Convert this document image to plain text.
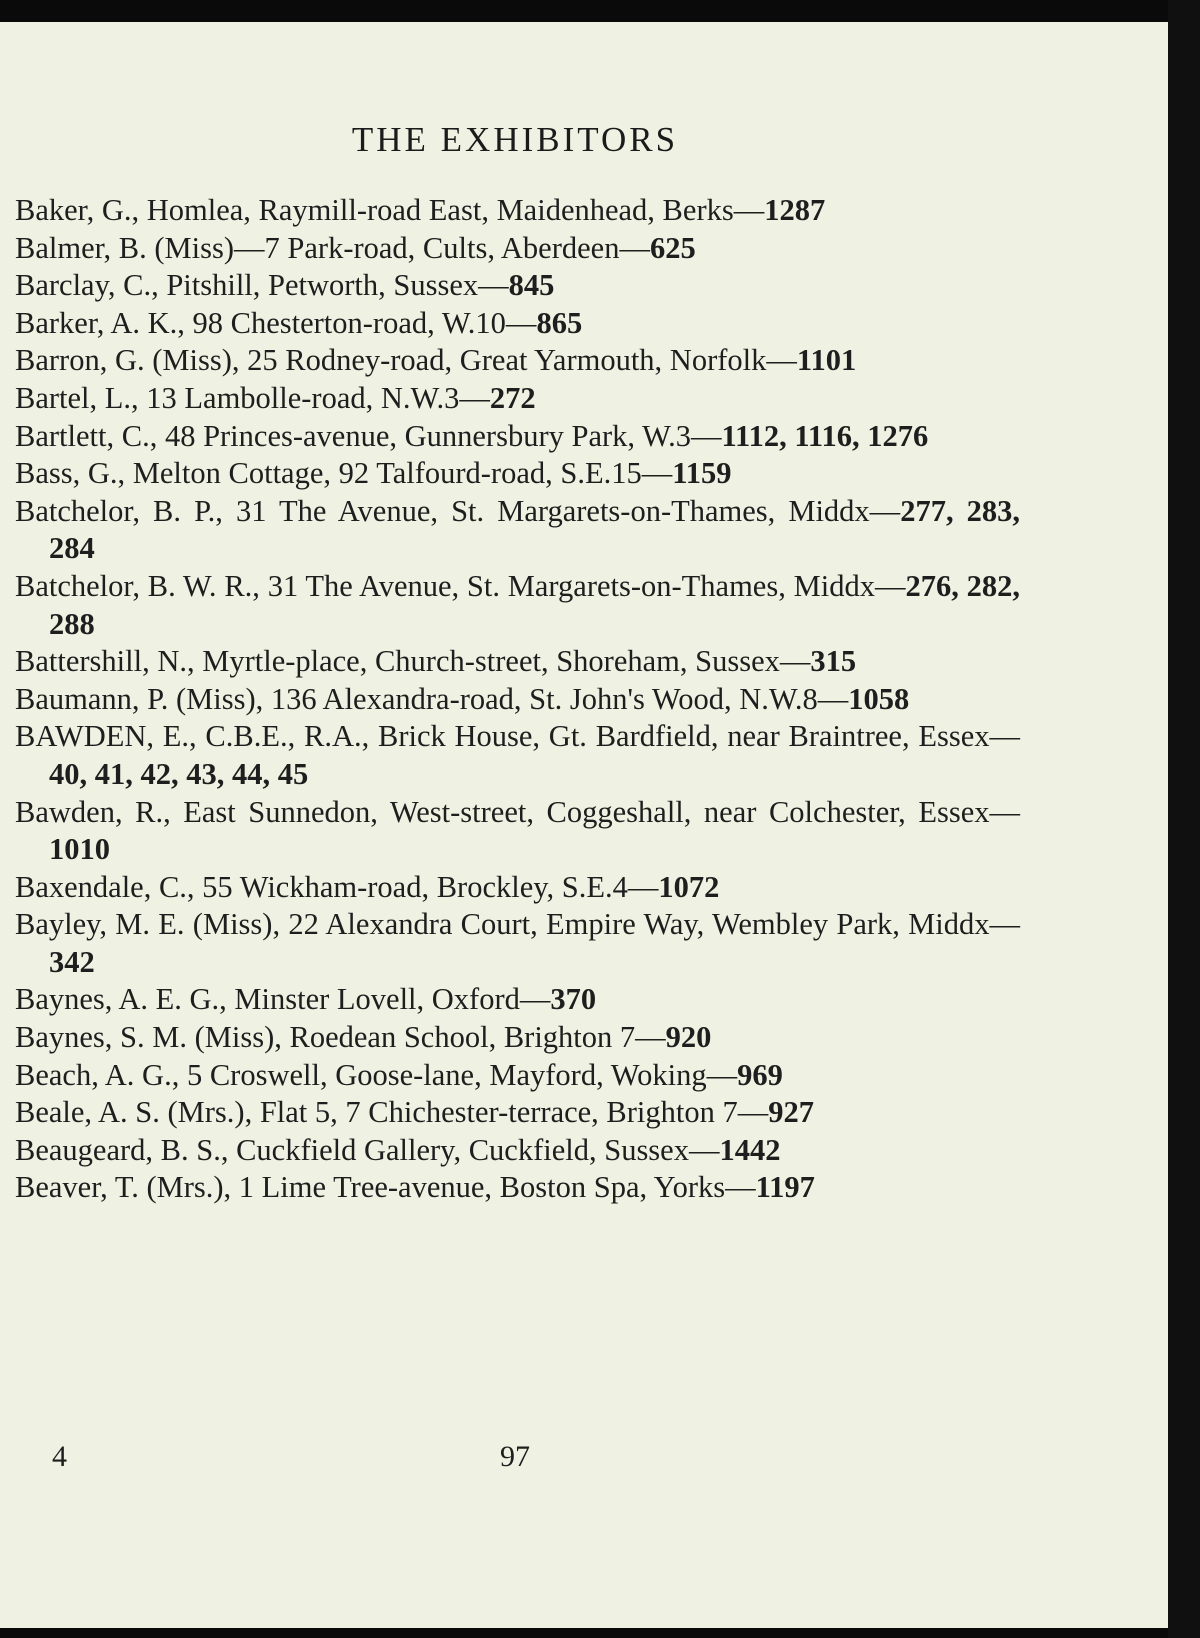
THE EXHIBITORS

Baker, G., Homlea, Raymill-road East, Maidenhead, Berks—1287

Balmer, B. (Miss)—7 Park-road, Cults, Aberdeen—625

Barclay, C., Pitshill, Petworth, Sussex—845

Barker, A. K., 98 Chesterton-road, W.10—865

Barron, G. (Miss), 25 Rodney-road, Great Yarmouth, Norfolk—1101

Bartel, L., 13 Lambolle-road, N.W.3—272

Bartlett, C., 48 Princes-avenue, Gunnersbury Park, W.3—1112, 1116, 1276

Bass, G., Melton Cottage, 92 Talfourd-road, S.E.15—1159

Batchelor, B. P., 31 The Avenue, St. Margarets-on-Thames, Middx—277, 283, 284

Batchelor, B. W. R., 31 The Avenue, St. Margarets-on-Thames, Middx—276, 282, 288

Battershill, N., Myrtle-place, Church-street, Shoreham, Sussex—315

Baumann, P. (Miss), 136 Alexandra-road, St. John's Wood, N.W.8—1058

BAWDEN, E., C.B.E., R.A., Brick House, Gt. Bardfield, near Braintree, Essex—40, 41, 42, 43, 44, 45

Bawden, R., East Sunnedon, West-street, Coggeshall, near Colchester, Essex—1010

Baxendale, C., 55 Wickham-road, Brockley, S.E.4—1072

Bayley, M. E. (Miss), 22 Alexandra Court, Empire Way, Wembley Park, Middx—342

Baynes, A. E. G., Minster Lovell, Oxford—370

Baynes, S. M. (Miss), Roedean School, Brighton 7—920

Beach, A. G., 5 Croswell, Goose-lane, Mayford, Woking—969

Beale, A. S. (Mrs.), Flat 5, 7 Chichester-terrace, Brighton 7—927

Beaugeard, B. S., Cuckfield Gallery, Cuckfield, Sussex—1442

Beaver, T. (Mrs.), 1 Lime Tree-avenue, Boston Spa, Yorks—1197

4	97
